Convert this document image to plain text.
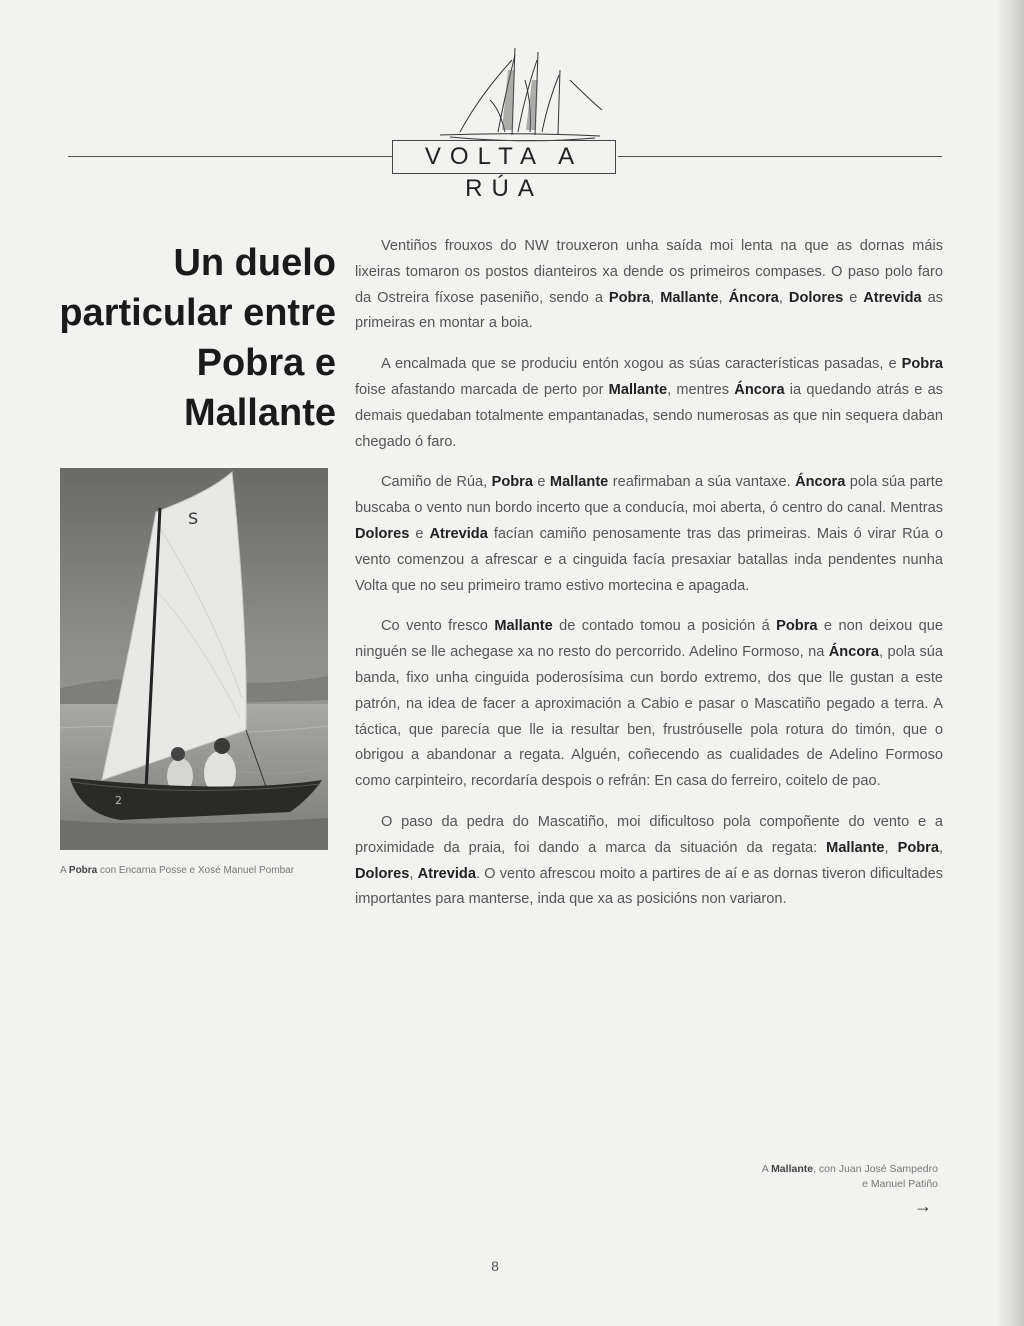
VOLTA A RÚA
Un duelo
particular entre
Pobra e
Mallante
S
2
A Pobra con Encarna Posse e Xosé Manuel Pombar

Ventiños frouxos do NW trouxeron unha saída moi lenta na que as dornas máis lixeiras tomaron os postos dianteiros xa dende os primeiros compases. O paso polo faro da Ostreira fíxose paseniño, sendo a Pobra, Mallante, Áncora, Dolores e Atrevida as primeiras en montar a boia.

A encalmada que se produciu entón xogou as súas características pasadas, e Pobra foise afastando marcada de perto por Mallante, mentres Áncora ia quedando atrás e as demais quedaban totalmente empantanadas, sendo numerosas as que nin sequera daban chegado ó faro.

Camiño de Rúa, Pobra e Mallante reafirmaban a súa vantaxe. Áncora pola súa parte buscaba o vento nun bordo incerto que a conducía, moi aberta, ó centro do canal. Mentras Dolores e Atrevida facían camiño penosamente tras das primeiras. Mais ó virar Rúa o vento comenzou a afrescar e a cinguida facía presaxiar batallas inda pendentes nunha Volta que no seu primeiro tramo estivo mortecina e apagada.

Co vento fresco Mallante de contado tomou a posición á Pobra e non deixou que ninguén se lle achegase xa no resto do percorrido. Adelino Formoso, na Áncora, pola súa banda, fixo unha cinguida poderosísima cun bordo extremo, dos que lle gustan a este patrón, na idea de facer a aproximación a Cabio e pasar o Mascatiño pegado a terra. A táctica, que parecía que lle ia resultar ben, frustróuselle pola rotura do timón, que o obrigou a abandonar a regata. Alguén, coñecendo as cualidades de Adelino Formoso como carpinteiro, recordaría despois o refrán: En casa do ferreiro, coitelo de pao.

O paso da pedra do Mascatiño, moi dificultoso pola compoñente do vento e a proximidade da praia, foi dando a marca da situación da regata: Mallante, Pobra, Dolores, Atrevida. O vento afrescou moito a partires de aí e as dornas tiveron dificultades importantes para manterse, inda que xa as posicións non variaron.

A Mallante, con Juan José Sampedro e Manuel Patiño
→
8
